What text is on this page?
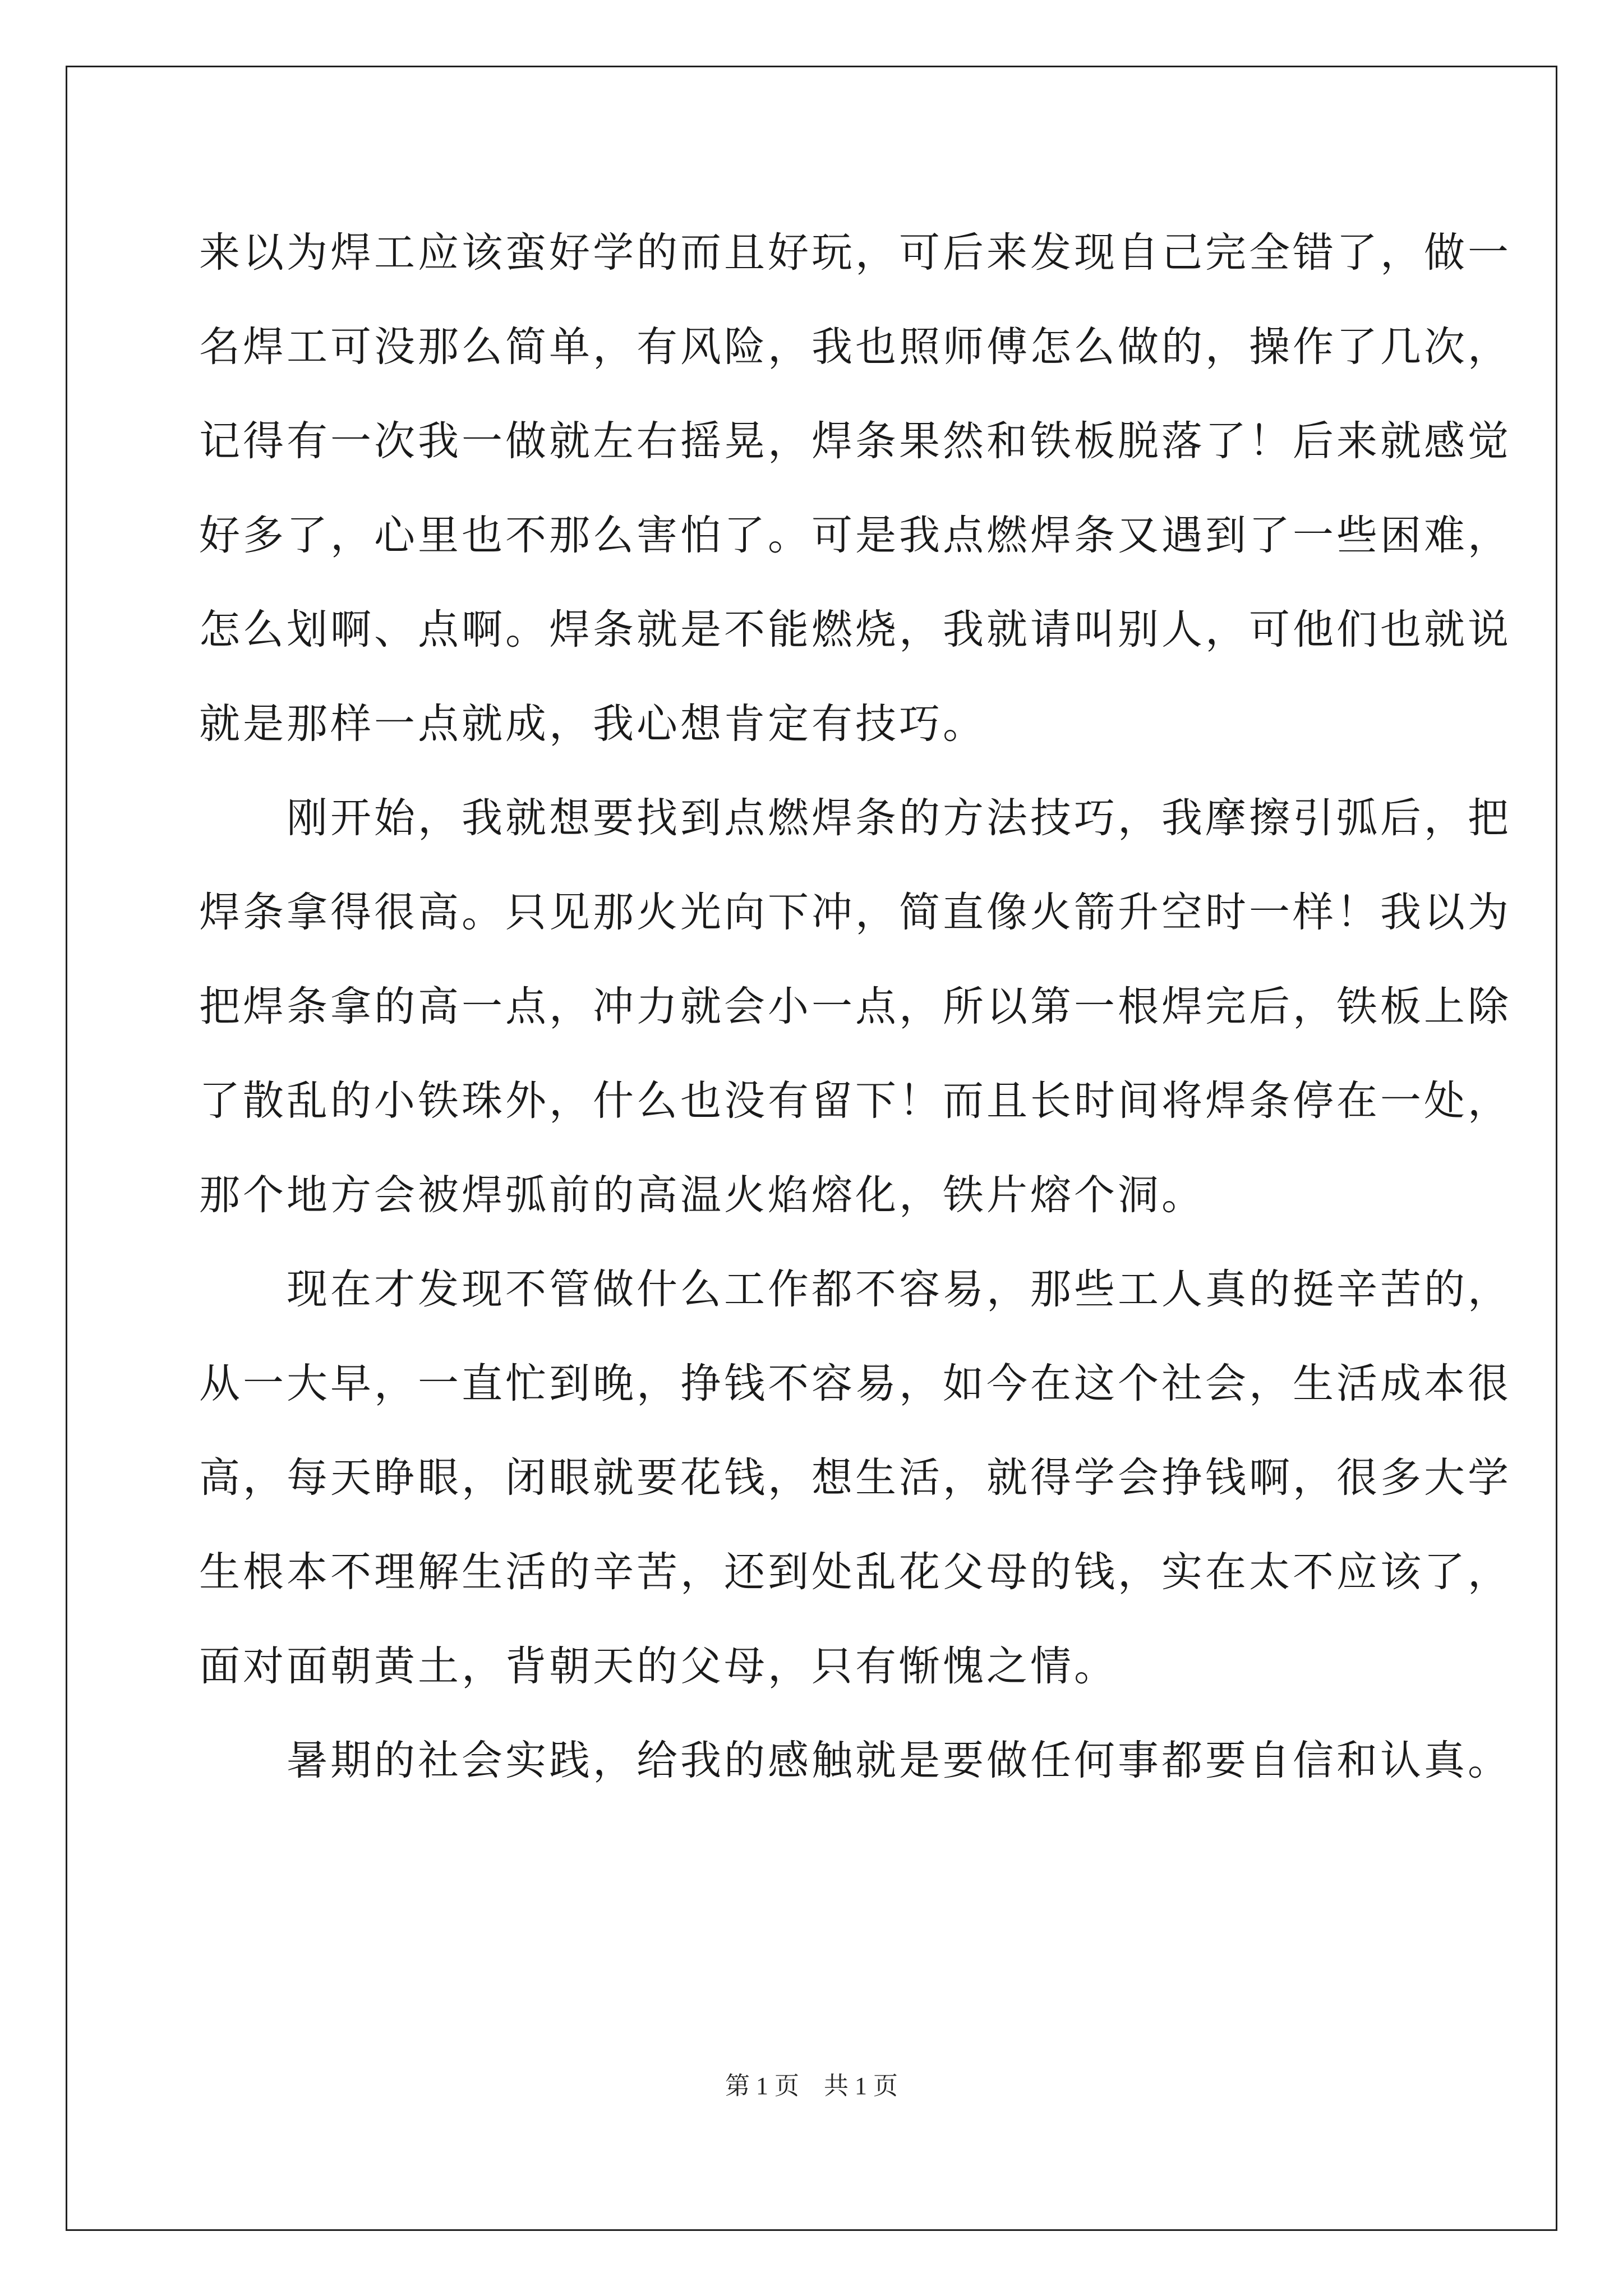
来以为焊工应该蛮好学的而且好玩，可后来发现自己完全错了，做一
名焊工可没那么简单，有风险，我也照师傅怎么做的，操作了几次，
记得有一次我一做就左右摇晃，焊条果然和铁板脱落了！后来就感觉
好多了，心里也不那么害怕了。可是我点燃焊条又遇到了一些困难，
怎么划啊、点啊。焊条就是不能燃烧，我就请叫别人，可他们也就说
就是那样一点就成，我心想肯定有技巧。
　　刚开始，我就想要找到点燃焊条的方法技巧，我摩擦引弧后，把
焊条拿得很高。只见那火光向下冲，简直像火箭升空时一样！我以为
把焊条拿的高一点，冲力就会小一点，所以第一根焊完后，铁板上除
了散乱的小铁珠外，什么也没有留下！而且长时间将焊条停在一处，
那个地方会被焊弧前的高温火焰熔化，铁片熔个洞。
　　现在才发现不管做什么工作都不容易，那些工人真的挺辛苦的，
从一大早，一直忙到晚，挣钱不容易，如今在这个社会，生活成本很
高，每天睁眼，闭眼就要花钱，想生活，就得学会挣钱啊，很多大学
生根本不理解生活的辛苦，还到处乱花父母的钱，实在太不应该了，
面对面朝黄土，背朝天的父母，只有惭愧之情。
　　暑期的社会实践，给我的感触就是要做任何事都要自信和认真。
第 1 页    共 1 页
